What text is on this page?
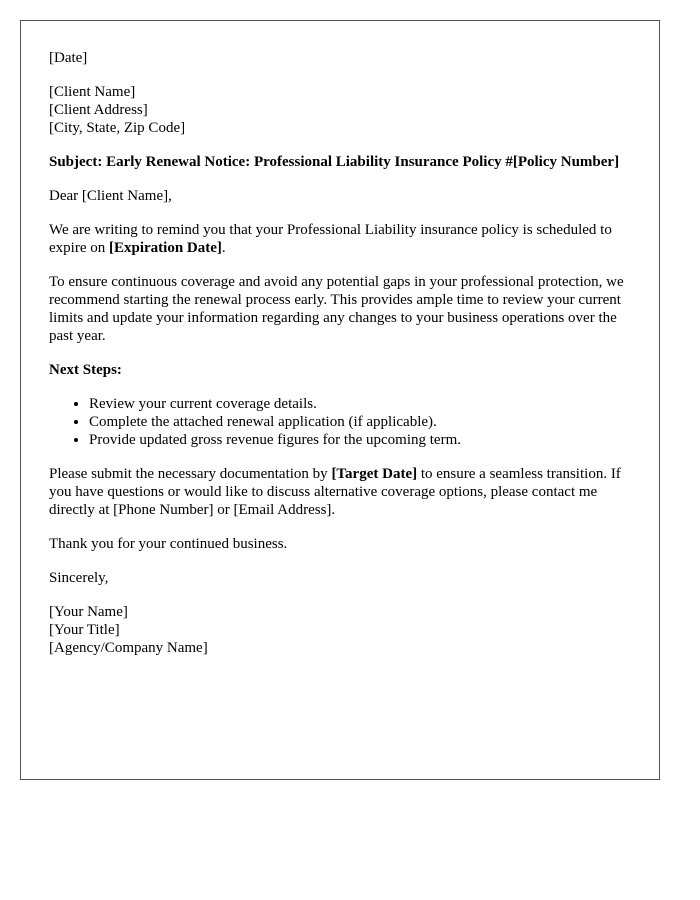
[Date]

[Client Name]
[Client Address]
[City, State, Zip Code]

Subject: Early Renewal Notice: Professional Liability Insurance Policy #[Policy Number]

Dear [Client Name],

We are writing to remind you that your Professional Liability insurance policy is scheduled to expire on [Expiration Date].

To ensure continuous coverage and avoid any potential gaps in your professional protection, we recommend starting the renewal process early. This provides ample time to review your current limits and update your information regarding any changes to your business operations over the past year.

Next Steps:

• Review your current coverage details.
• Complete the attached renewal application (if applicable).
• Provide updated gross revenue figures for the upcoming term.

Please submit the necessary documentation by [Target Date] to ensure a seamless transition. If you have questions or would like to discuss alternative coverage options, please contact me directly at [Phone Number] or [Email Address].

Thank you for your continued business.

Sincerely,

[Your Name]
[Your Title]
[Agency/Company Name]
